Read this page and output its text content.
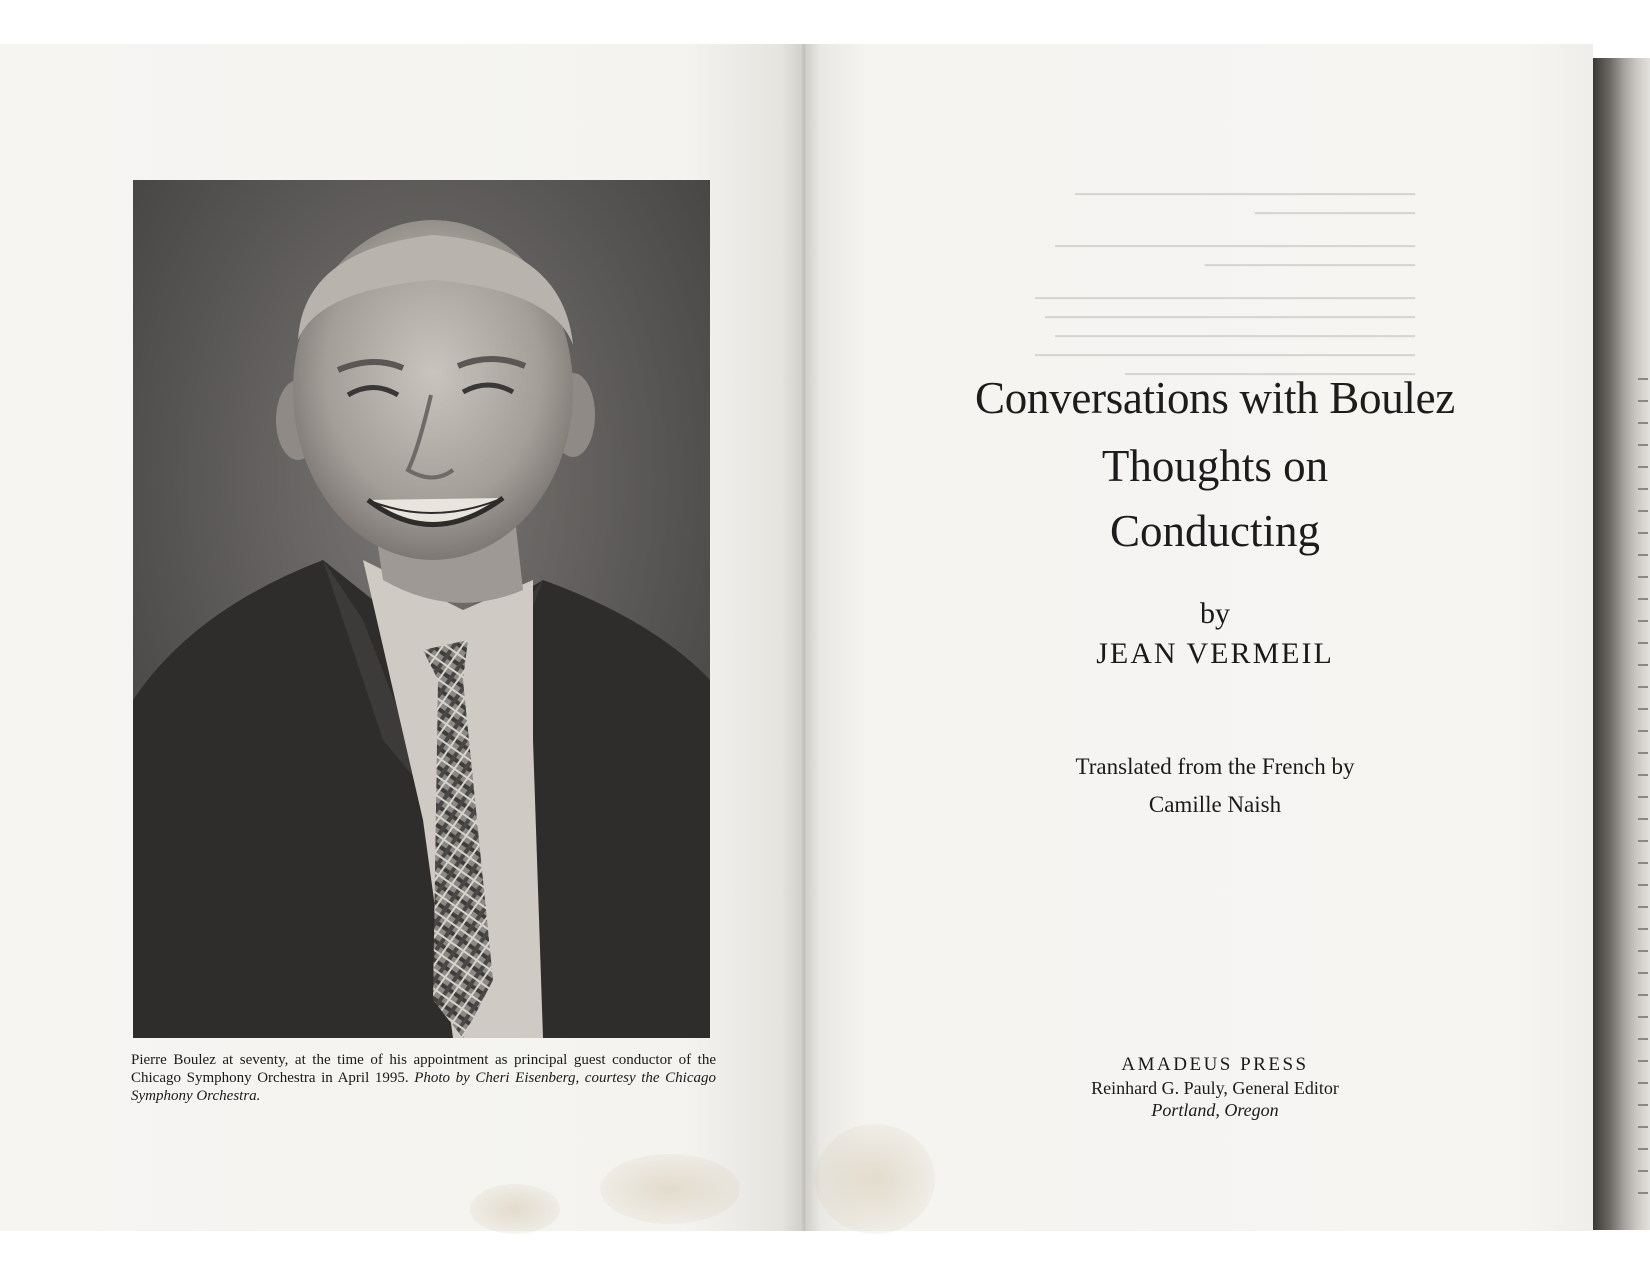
Pierre Boulez at seventy, at the time of his appointment as principal guest conductor of the Chicago Symphony Orchestra in April 1995. Photo by Cheri Eisenberg, courtesy the Chicago Symphony Orchestra.
▁▁▁▁▁▁▁▁▁▁▁▁▁▁▁▁▁▁▁▁▁▁▁▁▁▁▁▁▁▁▁▁▁▁
▁▁▁▁▁▁▁▁▁▁▁▁▁▁▁▁
▁▁▁▁▁▁▁▁▁▁▁▁▁▁▁▁▁▁▁▁▁▁▁▁▁▁▁▁▁▁▁▁▁▁▁▁
▁▁▁▁▁▁▁▁▁▁▁▁▁▁▁▁▁▁▁▁▁
▁▁▁▁▁▁▁▁▁▁▁▁▁▁▁▁▁▁▁▁▁▁▁▁▁▁▁▁▁▁▁▁▁▁▁▁▁▁
▁▁▁▁▁▁▁▁▁▁▁▁▁▁▁▁▁▁▁▁▁▁▁▁▁▁▁▁▁▁▁▁▁▁▁▁▁
▁▁▁▁▁▁▁▁▁▁▁▁▁▁▁▁▁▁▁▁▁▁▁▁▁▁▁▁▁▁▁▁▁▁▁▁
▁▁▁▁▁▁▁▁▁▁▁▁▁▁▁▁▁▁▁▁▁▁▁▁▁▁▁▁▁▁▁▁▁▁▁▁▁▁
▁▁▁▁▁▁▁▁▁▁▁▁▁▁▁▁▁▁▁▁▁▁▁▁▁▁▁▁▁
Conversations with Boulez
Thoughts on
Conducting
by
JEAN VERMEIL
Translated from the French by
Camille Naish
AMADEUS PRESS
Reinhard G. Pauly, General Editor
Portland, Oregon
